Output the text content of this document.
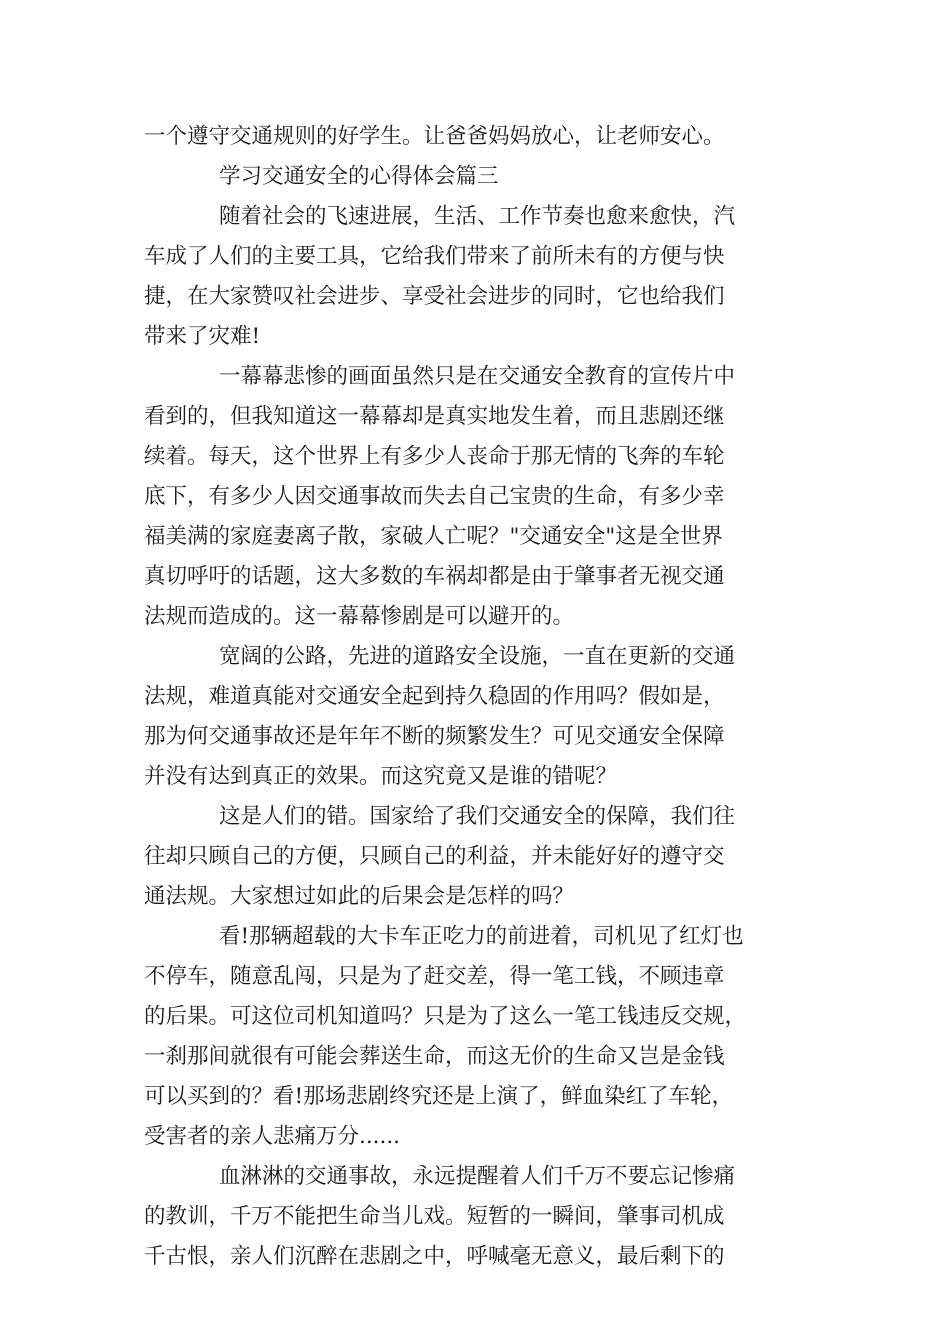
一个遵守交通规则的好学生。让爸爸妈妈放心，让老师安心。
学习交通安全的心得体会篇三
随着社会的飞速进展，生活、工作节奏也愈来愈快，汽
车成了人们的主要工具，它给我们带来了前所未有的方便与快
捷，在大家赞叹社会进步、享受社会进步的同时，它也给我们
带来了灾难!
一幕幕悲惨的画面虽然只是在交通安全教育的宣传片中
看到的，但我知道这一幕幕却是真实地发生着，而且悲剧还继
续着。每天，这个世界上有多少人丧命于那无情的飞奔的车轮
底下，有多少人因交通事故而失去自己宝贵的生命，有多少幸
福美满的家庭妻离子散，家破人亡呢？"交通安全"这是全世界
真切呼吁的话题，这大多数的车祸却都是由于肇事者无视交通
法规而造成的。这一幕幕惨剧是可以避开的。
宽阔的公路，先进的道路安全设施，一直在更新的交通
法规，难道真能对交通安全起到持久稳固的作用吗？假如是，
那为何交通事故还是年年不断的频繁发生？可见交通安全保障
并没有达到真正的效果。而这究竟又是谁的错呢？
这是人们的错。国家给了我们交通安全的保障，我们往
往却只顾自己的方便，只顾自己的利益，并未能好好的遵守交
通法规。大家想过如此的后果会是怎样的吗？
看!那辆超载的大卡车正吃力的前进着，司机见了红灯也
不停车，随意乱闯，只是为了赶交差，得一笔工钱，不顾违章
的后果。可这位司机知道吗？只是为了这么一笔工钱违反交规，
一刹那间就很有可能会葬送生命，而这无价的生命又岂是金钱
可以买到的？看!那场悲剧终究还是上演了，鲜血染红了车轮，
受害者的亲人悲痛万分......
血淋淋的交通事故，永远提醒着人们千万不要忘记惨痛
的教训，千万不能把生命当儿戏。短暂的一瞬间，肇事司机成
千古恨，亲人们沉醉在悲剧之中，呼喊毫无意义，最后剩下的
